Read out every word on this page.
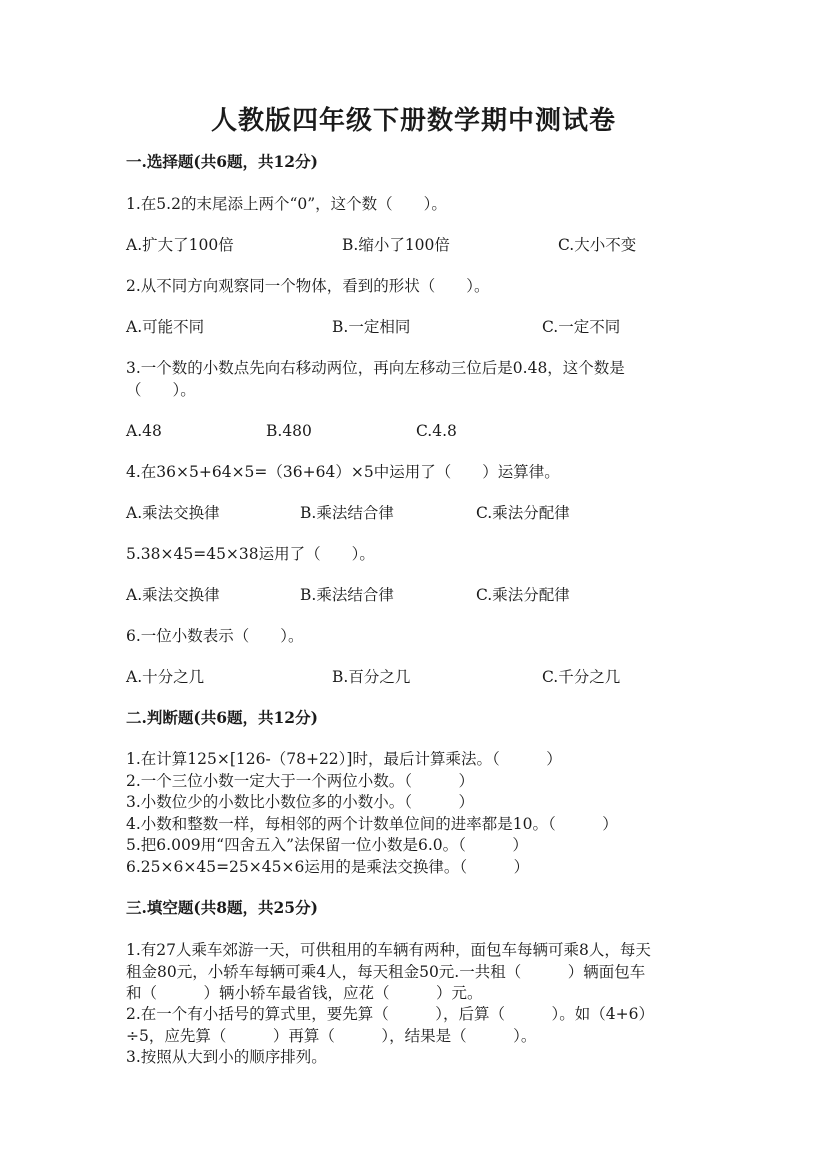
人教版四年级下册数学期中测试卷
一.选择题(共6题，共12分)
1.在5.2的末尾添上两个“0”，这个数（　　）。
A.扩大了100倍	B.缩小了100倍	C.大小不变
2.从不同方向观察同一个物体，看到的形状（　　）。
A.可能不同	B.一定相同	C.一定不同
3.一个数的小数点先向右移动两位，再向左移动三位后是0.48，这个数是
（　　）。
A.48	B.480	C.4.8
4.在36×5+64×5=（36+64）×5中运用了（　　）运算律。
A.乘法交换律	B.乘法结合律	C.乘法分配律
5.38×45=45×38运用了（　　）。
A.乘法交换律	B.乘法结合律	C.乘法分配律
6.一位小数表示（　　）。
A.十分之几	B.百分之几	C.千分之几
二.判断题(共6题，共12分)
1.在计算125×[126-（78+22）]时，最后计算乘法。（　　　）
2.一个三位小数一定大于一个两位小数。（　　　）
3.小数位少的小数比小数位多的小数小。（　　　）
4.小数和整数一样，每相邻的两个计数单位间的进率都是10。（　　　）
5.把6.009用“四舍五入”法保留一位小数是6.0。（　　　）
6.25×6×45=25×45×6运用的是乘法交换律。（　　　）
三.填空题(共8题，共25分)
1.有27人乘车郊游一天，可供租用的车辆有两种，面包车每辆可乘8人，每天
租金80元，小轿车每辆可乘4人，每天租金50元.一共租（　　　）辆面包车
和（　　　）辆小轿车最省钱，应花（　　　）元。
2.在一个有小括号的算式里，要先算（　　　），后算（　　　）。如（4+6）
÷5，应先算（　　　）再算（　　　），结果是（　　　）。
3.按照从大到小的顺序排列。
